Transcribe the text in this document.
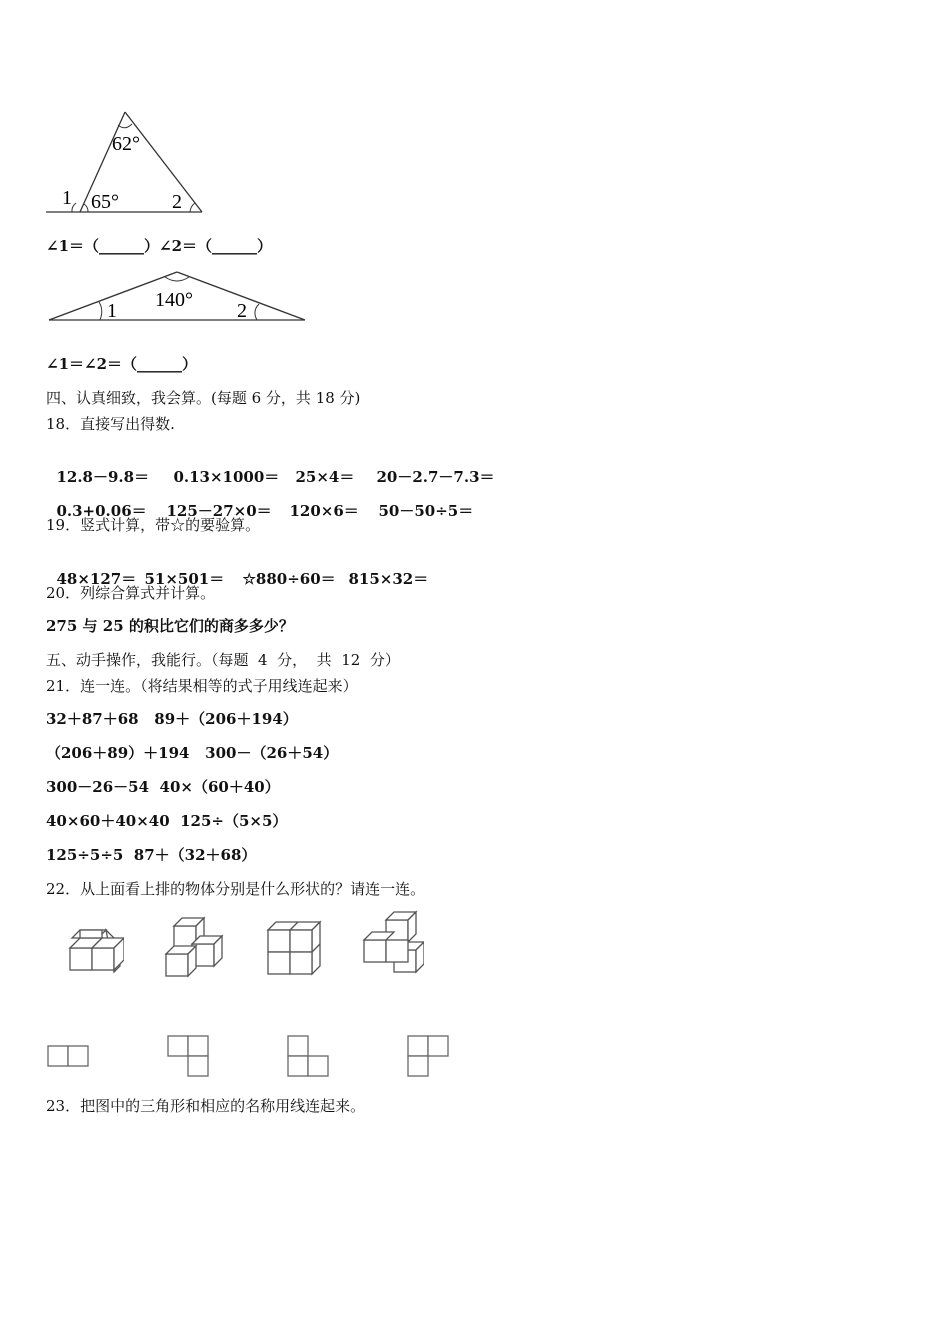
62°
1 65°	2
∠1＝（______）∠2＝（______）
140°
1	2
∠1＝∠2＝（______）
四、认真细致，我会算。(每题 6 分，共 18 分)
18．直接写出得数.

12.8－9.8＝ 0.13×1000＝ 25×4＝ 20－2.7－7.3＝

0.3+0.06＝ 125－27×0＝ 120×6＝ 50－50÷5＝

19．竖式计算，带☆的要验算。

48×127＝ 51×501＝ ☆880÷60＝ 815×32＝

20．列综合算式并计算。
275 与 25 的积比它们的商多多少？
五、动手操作，我能行。（每题  4  分，  共  12  分）
21．连一连。（将结果相等的式子用线连起来）
32＋87＋68   89＋（206＋194）
（206＋89）＋194   300－（26＋54）
300－26－54  40×（60＋40）
40×60＋40×40  125÷（5×5）
125÷5÷5  87＋（32＋68）
22．从上面看上排的物体分别是什么形状的？请连一连。
23．把图中的三角形和相应的名称用线连起来。
